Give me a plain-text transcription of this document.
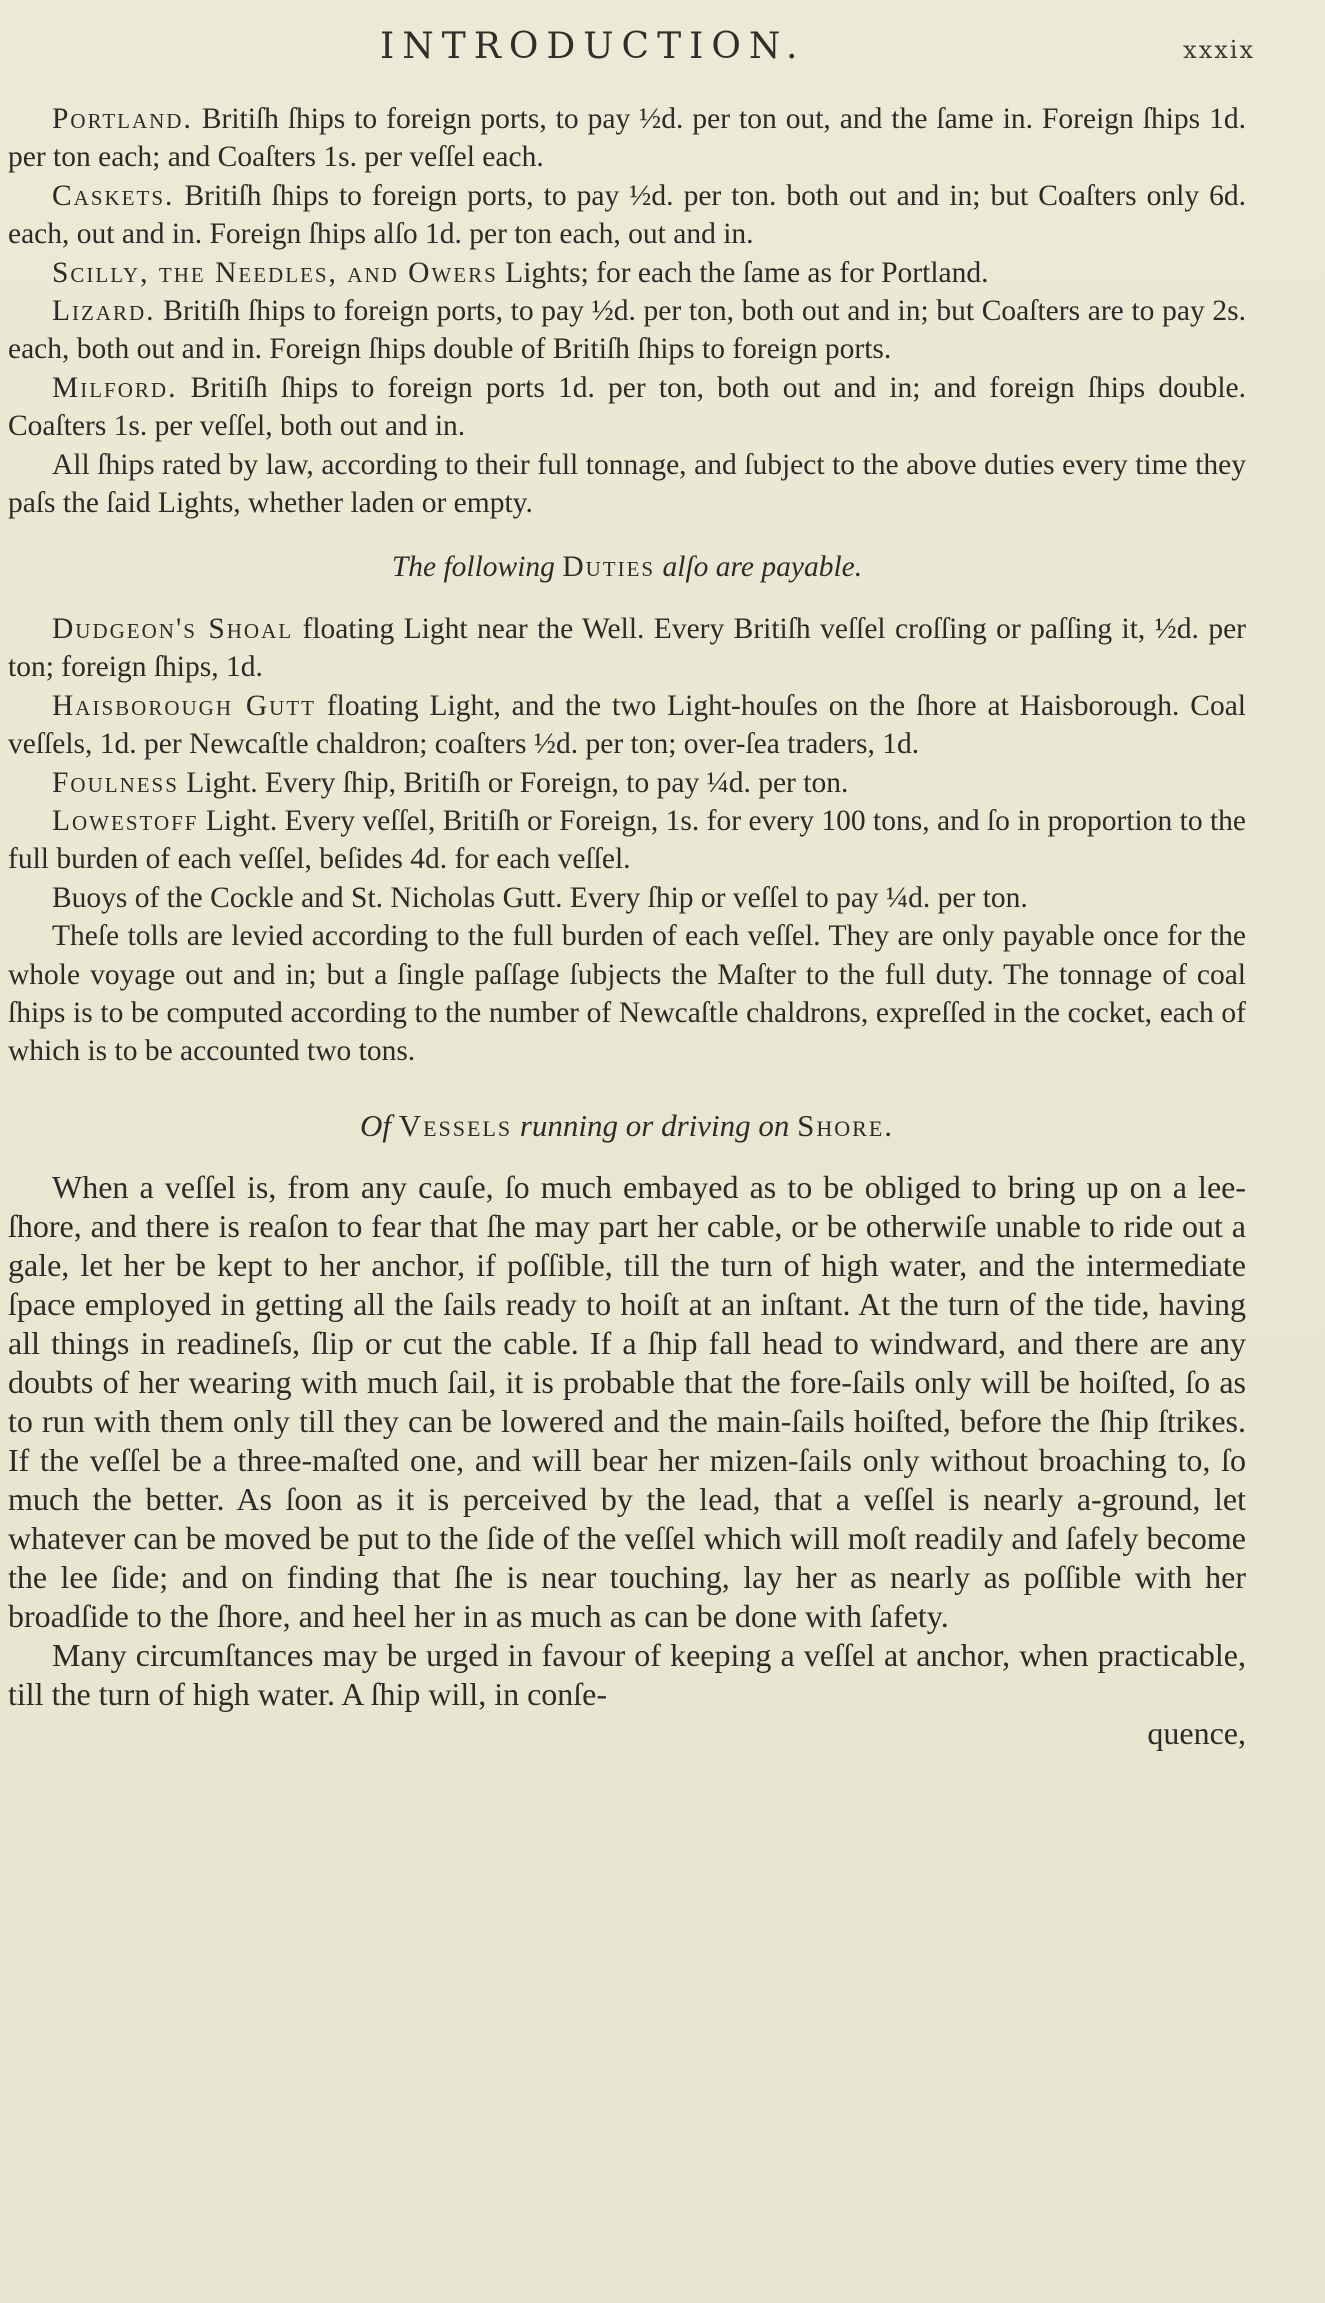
INTRODUCTION.	xxxix

Portland. Britiſh ſhips to foreign ports, to pay ½d. per ton out, and the ſame in. Foreign ſhips 1d. per ton each; and Coaſters 1s. per veſſel each.

Caskets. Britiſh ſhips to foreign ports, to pay ½d. per ton. both out and in; but Coaſters only 6d. each, out and in. Foreign ſhips alſo 1d. per ton each, out and in.

Scilly, the Needles, and Owers Lights; for each the ſame as for Portland.

Lizard. Britiſh ſhips to foreign ports, to pay ½d. per ton, both out and in; but Coaſters are to pay 2s. each, both out and in. Foreign ſhips double of Britiſh ſhips to foreign ports.

Milford. Britiſh ſhips to foreign ports 1d. per ton, both out and in; and foreign ſhips double. Coaſters 1s. per veſſel, both out and in.

All ſhips rated by law, according to their full tonnage, and ſubject to the above duties every time they paſs the ſaid Lights, whether laden or empty.

The following Duties alſo are payable.

Dudgeon's Shoal floating Light near the Well. Every Britiſh veſſel croſſing or paſſing it, ½d. per ton; foreign ſhips, 1d.

Haisborough Gutt floating Light, and the two Light-houſes on the ſhore at Haisborough. Coal veſſels, 1d. per Newcaſtle chaldron; coaſters ½d. per ton; over-ſea traders, 1d.

Foulness Light. Every ſhip, Britiſh or Foreign, to pay ¼d. per ton.

Lowestoff Light. Every veſſel, Britiſh or Foreign, 1s. for every 100 tons, and ſo in proportion to the full burden of each veſſel, beſides 4d. for each veſſel.

Buoys of the Cockle and St. Nicholas Gutt. Every ſhip or veſſel to pay ¼d. per ton.

Theſe tolls are levied according to the full burden of each veſſel. They are only payable once for the whole voyage out and in; but a ſingle paſſage ſubjects the Maſter to the full duty. The tonnage of coal ſhips is to be computed according to the number of Newcaſtle chaldrons, expreſſed in the cocket, each of which is to be accounted two tons.

Of Vessels running or driving on Shore.

When a veſſel is, from any cauſe, ſo much embayed as to be obliged to bring up on a lee-ſhore, and there is reaſon to fear that ſhe may part her cable, or be otherwiſe unable to ride out a gale, let her be kept to her anchor, if poſſible, till the turn of high water, and the intermediate ſpace employed in getting all the ſails ready to hoiſt at an inſtant. At the turn of the tide, having all things in readineſs, ſlip or cut the cable. If a ſhip fall head to windward, and there are any doubts of her wearing with much ſail, it is probable that the fore-ſails only will be hoiſted, ſo as to run with them only till they can be lowered and the main-ſails hoiſted, before the ſhip ſtrikes. If the veſſel be a three-maſted one, and will bear her mizen-ſails only without broaching to, ſo much the better. As ſoon as it is perceived by the lead, that a veſſel is nearly a-ground, let whatever can be moved be put to the ſide of the veſſel which will moſt readily and ſafely become the lee ſide; and on finding that ſhe is near touching, lay her as nearly as poſſible with her broadſide to the ſhore, and heel her in as much as can be done with ſafety.

Many circumſtances may be urged in favour of keeping a veſſel at anchor, when practicable, till the turn of high water. A ſhip will, in conſe-

quence,
